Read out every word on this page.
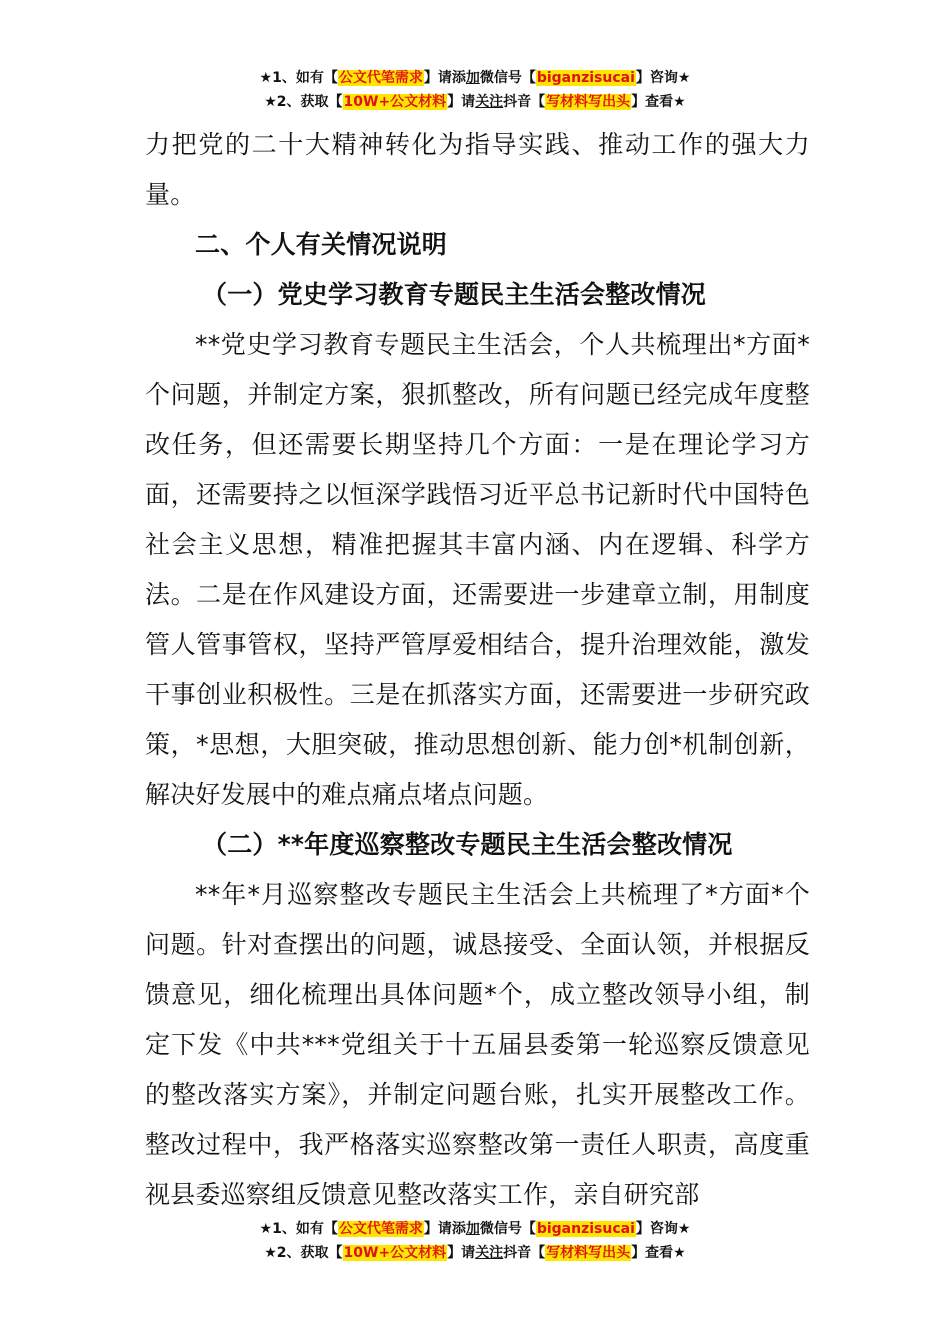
★1、如有【公文代笔需求】请添加微信号【biganzisucai】咨询★
★2、获取【10W+公文材料】请关注抖音【写材料写出头】查看★

力把党的二十大精神转化为指导实践、推动工作的强大力量。

二、个人有关情况说明

（一）党史学习教育专题民主生活会整改情况

**党史学习教育专题民主生活会，个人共梳理出*方面*个问题，并制定方案，狠抓整改，所有问题已经完成年度整改任务，但还需要长期坚持几个方面：一是在理论学习方面，还需要持之以恒深学践悟习近平总书记新时代中国特色社会主义思想，精准把握其丰富内涵、内在逻辑、科学方法。二是在作风建设方面，还需要进一步建章立制，用制度管人管事管权，坚持严管厚爱相结合，提升治理效能，激发干事创业积极性。三是在抓落实方面，还需要进一步研究政策，*思想，大胆突破，推动思想创新、能力创*机制创新，解决好发展中的难点痛点堵点问题。

（二）**年度巡察整改专题民主生活会整改情况

**年*月巡察整改专题民主生活会上共梳理了*方面*个问题。针对查摆出的问题，诚恳接受、全面认领，并根据反馈意见，细化梳理出具体问题*个，成立整改领导小组，制定下发《中共***党组关于十五届县委第一轮巡察反馈意见的整改落实方案》，并制定问题台账，扎实开展整改工作。整改过程中，我严格落实巡察整改第一责任人职责，高度重视县委巡察组反馈意见整改落实工作，亲自研究部

★1、如有【公文代笔需求】请添加微信号【biganzisucai】咨询★
★2、获取【10W+公文材料】请关注抖音【写材料写出头】查看★
